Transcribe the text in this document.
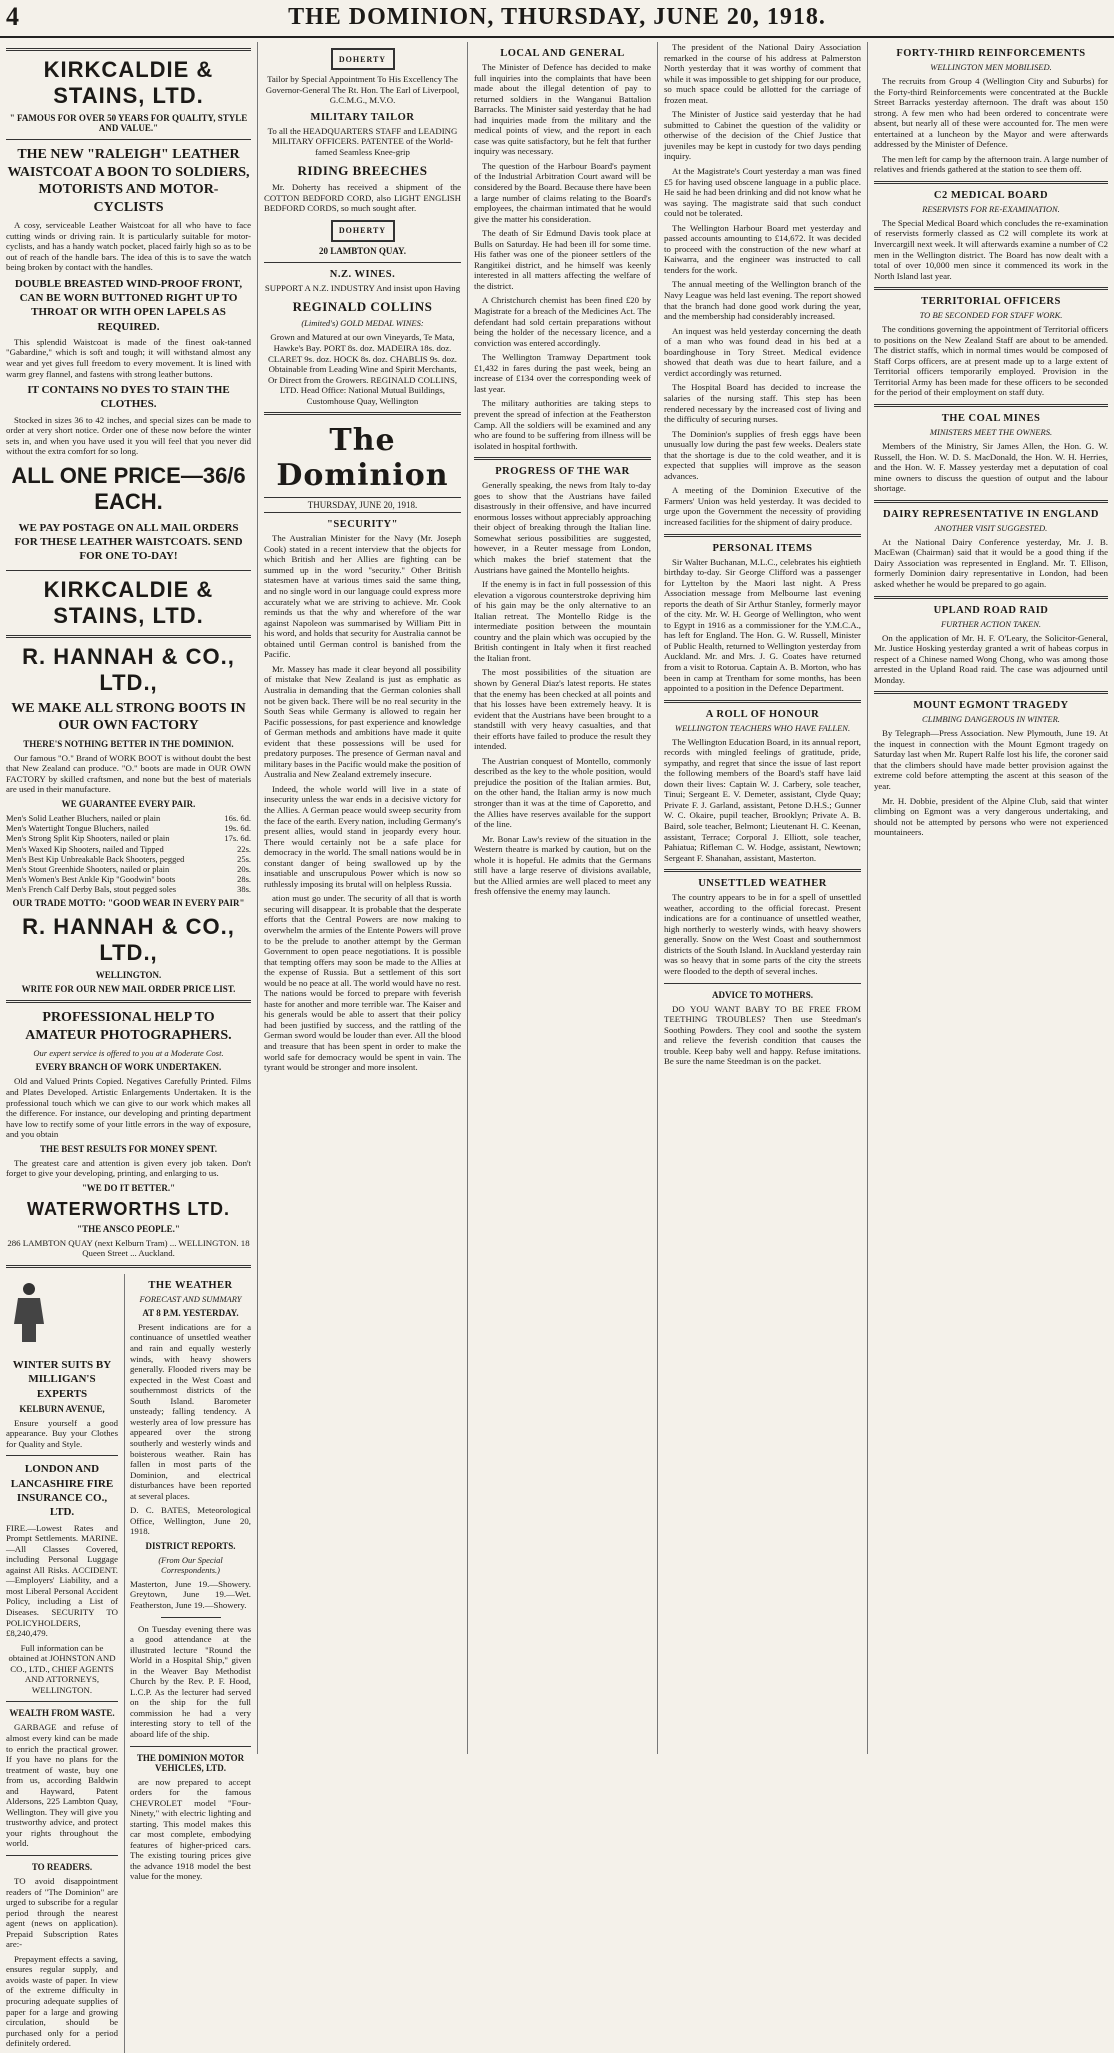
4	THE DOMINION, THURSDAY, JUNE 20, 1918.
KIRKCALDIE & STAINS, LTD.
" FAMOUS FOR OVER 50 YEARS FOR QUALITY, STYLE AND VALUE."
THE NEW "RALEIGH" LEATHER WAISTCOAT A BOON TO SOLDIERS, MOTORISTS AND MOTOR-CYCLISTS

A cosy, serviceable Leather Waistcoat for all who have to face cutting winds or driving rain. It is particularly suitable for motor-cyclists, and has a handy watch pocket, placed fairly high so as to be out of reach of the handle bars. The idea of this is to save the watch being broken by contact with the handles.

DOUBLE BREASTED WIND-PROOF FRONT, CAN BE WORN BUTTONED RIGHT UP TO THROAT OR WITH OPEN LAPELS AS REQUIRED.

This splendid Waistcoat is made of the finest oak-tanned "Gabardine," which is soft and tough; it will withstand almost any wear and yet gives full freedom to every movement. It is lined with warm grey flannel, and fastens with strong leather buttons.

IT CONTAINS NO DYES TO STAIN THE CLOTHES.

Stocked in sizes 36 to 42 inches, and special sizes can be made to order at very short notice. Order one of these now before the winter sets in, and when you have used it you will feel that you never did without the extra comfort for so long.

ALL ONE PRICE—36/6 EACH.
WE PAY POSTAGE ON ALL MAIL ORDERS FOR THESE LEATHER WAISTCOATS. SEND FOR ONE TO-DAY!
KIRKCALDIE & STAINS, LTD.
R. HANNAH & CO., LTD.,
WE MAKE ALL STRONG BOOTS IN OUR OWN FACTORY
THERE'S NOTHING BETTER IN THE DOMINION.

Our famous "O." Brand of WORK BOOT is without doubt the best that New Zealand can produce. "O." boots are made in OUR OWN FACTORY by skilled craftsmen, and none but the best of materials are used in their manufacture.

WE GUARANTEE EVERY PAIR.
Men's Solid Leather Bluchers, nailed or plain	16s. 6d.
Men's Watertight Tongue Bluchers, nailed	19s. 6d.
Men's Strong Split Kip Shooters, nailed or plain	17s. 6d.
Men's Waxed Kip Shooters, nailed and Tipped	22s.
Men's Best Kip Unbreakable Back Shooters, pegged	25s.
Men's Stout Greenhide Shooters, nailed or plain	20s.
Men's Women's Best Ankle Kip "Goodwin" boots	28s.
Men's French Calf Derby Bals, stout pegged soles	38s.
OUR TRADE MOTTO: "GOOD WEAR IN EVERY PAIR"
R. HANNAH & CO., LTD.,
WELLINGTON.
WRITE FOR OUR NEW MAIL ORDER PRICE LIST.
PROFESSIONAL HELP TO AMATEUR PHOTOGRAPHERS.
Our expert service is offered to you at a Moderate Cost.
EVERY BRANCH OF WORK UNDERTAKEN.

Old and Valued Prints Copied. Negatives Carefully Printed. Films and Plates Developed. Artistic Enlargements Undertaken. It is the professional touch which we can give to our work which makes all the difference. For instance, our developing and printing department have low to rectify some of your little errors in the way of exposure, and you obtain

THE BEST RESULTS FOR MONEY SPENT.

The greatest care and attention is given every job taken. Don't forget to give your developing, printing, and enlarging to us.

"WE DO IT BETTER."
WATERWORTHS LTD.
"THE ANSCO PEOPLE."

286 LAMBTON QUAY (next Kelburn Tram) ... WELLINGTON. 18 Queen Street ... Auckland.

WINTER SUITS BY MILLIGAN'S EXPERTS
KELBURN AVENUE,

Ensure yourself a good appearance. Buy your Clothes for Quality and Style.

LONDON AND LANCASHIRE FIRE INSURANCE CO., LTD.

FIRE.—Lowest Rates and Prompt Settlements. MARINE.—All Classes Covered, including Personal Luggage against All Risks. ACCIDENT.—Employers' Liability, and a most Liberal Personal Accident Policy, including a List of Diseases. SECURITY TO POLICYHOLDERS, £8,240,479.

Full information can be obtained at JOHNSTON AND CO., LTD., CHIEF AGENTS AND ATTORNEYS, WELLINGTON.

WEALTH FROM WASTE.

GARBAGE and refuse of almost every kind can be made to enrich the practical grower. If you have no plans for the treatment of waste, buy one from us, according Baldwin and Hayward, Patent Aldersons, 225 Lambton Quay, Wellington. They will give you trustworthy advice, and protect your rights throughout the world.

TO READERS.

TO avoid disappointment readers of "The Dominion" are urged to subscribe for a regular period through the nearest agent (news on application). Prepaid Subscription Rates are:-

Prepayment effects a saving, ensures regular supply, and avoids waste of paper. In view of the extreme difficulty in procuring adequate supplies of paper for a large and growing circulation, should be purchased only for a period definitely ordered.

THE WEATHER
FORECAST AND SUMMARY
AT 8 P.M. YESTERDAY.

Present indications are for a continuance of unsettled weather and rain and equally westerly winds, with heavy showers generally. Flooded rivers may be expected in the West Coast and southernmost districts of the South Island. Barometer unsteady; falling tendency. A westerly area of low pressure has appeared over the strong southerly and westerly winds and boisterous weather. Rain has fallen in most parts of the Dominion, and electrical disturbances have been reported at several places.

D. C. BATES, Meteorological Office, Wellington, June 20, 1918.

DISTRICT REPORTS.
(From Our Special Correspondents.)

Masterton, June 19.—Showery. Greytown, June 19.—Wet. Featherston, June 19.—Showery.

On Tuesday evening there was a good attendance at the illustrated lecture "Round the World in a Hospital Ship," given in the Weaver Bay Methodist Church by the Rev. P. F. Hood, L.C.P. As the lecturer had served on the ship for the full commission he had a very interesting story to tell of the aboard life of the ship.

THE DOMINION MOTOR VEHICLES, LTD.

are now prepared to accept orders for the famous CHEVROLET model "Four-Ninety," with electric lighting and starting. This model makes this car most complete, embodying features of higher-priced cars. The existing touring prices give the advance 1918 model the best value for the money.

DOHERTY

Tailor by Special Appointment To His Excellency The Governor-General The Rt. Hon. The Earl of Liverpool, G.C.M.G., M.V.O.

MILITARY TAILOR

To all the HEADQUARTERS STAFF and LEADING MILITARY OFFICERS. PATENTEE of the World-famed Seamless Knee-grip

RIDING BREECHES

Mr. Doherty has received a shipment of the COTTON BEDFORD CORD, also LIGHT ENGLISH BEDFORD CORDS, so much sought after.

DOHERTY
20 LAMBTON QUAY.
N.Z. WINES.

SUPPORT A N.Z. INDUSTRY And insist upon Having

REGINALD COLLINS
(Limited's) GOLD MEDAL WINES:

Grown and Matured at our own Vineyards, Te Mata, Hawke's Bay. PORT 8s. doz. MADEIRA 18s. doz. CLARET 9s. doz. HOCK 8s. doz. CHABLIS 9s. doz. Obtainable from Leading Wine and Spirit Merchants, Or Direct from the Growers. REGINALD COLLINS, LTD. Head Office: National Mutual Buildings, Customhouse Quay, Wellington

The Dominion
THURSDAY, JUNE 20, 1918.
"SECURITY"

The Australian Minister for the Navy (Mr. Joseph Cook) stated in a recent interview that the objects for which British and her Allies are fighting can be summed up in the word "security." Other British statesmen have at various times said the same thing, and no single word in our language could express more accurately what we are striving to achieve. Mr. Cook reminds us that the why and wherefore of the war against Napoleon was summarised by William Pitt in his word, and holds that security for Australia cannot be obtained until German control is banished from the Pacific.

Mr. Massey has made it clear beyond all possibility of mistake that New Zealand is just as emphatic as Australia in demanding that the German colonies shall not be given back. There will be no real security in the South Seas while Germany is allowed to regain her Pacific possessions, for past experience and knowledge of German methods and ambitions have made it quite evident that these possessions will be used for predatory purposes. The presence of German naval and military bases in the Pacific would make the position of Australia and New Zealand extremely insecure.

Indeed, the whole world will live in a state of insecurity unless the war ends in a decisive victory for the Allies. A German peace would sweep security from the face of the earth. Every nation, including Germany's present allies, would stand in jeopardy every hour. There would certainly not be a safe place for democracy in the world. The small nations would be in constant danger of being swallowed up by the insatiable and unscrupulous Power which is now so ruthlessly imposing its brutal will on helpless Russia.

ation must go under. The security of all that is worth securing will disappear. It is probable that the desperate efforts that the Central Powers are now making to overwhelm the armies of the Entente Powers will prove to be the prelude to another attempt by the German Government to open peace negotiations. It is possible that tempting offers may soon be made to the Allies at the expense of Russia. But a settlement of this sort would be no peace at all. The world would have no rest. The nations would be forced to prepare with feverish haste for another and more terrible war. The Kaiser and his generals would be able to assert that their policy had been justified by success, and the rattling of the German sword would be louder than ever. All the blood and treasure that has been spent in order to make the world safe for democracy would be spent in vain. The tyrant would be stronger and more insolent.

LOCAL AND GENERAL

The Minister of Defence has decided to make full inquiries into the complaints that have been made about the illegal detention of pay to returned soldiers in the Wanganui Battalion Barracks. The Minister said yesterday that he had had inquiries made from the military and the medical points of view, and the report in each case was quite satisfactory, but he felt that further inquiry was necessary.

The question of the Harbour Board's payment of the Industrial Arbitration Court award will be considered by the Board. Because there have been a large number of claims relating to the Board's employees, the chairman intimated that he would give the matter his consideration.

The death of Sir Edmund Davis took place at Bulls on Saturday. He had been ill for some time. His father was one of the pioneer settlers of the Rangitikei district, and he himself was keenly interested in all matters affecting the welfare of the district.

A Christchurch chemist has been fined £20 by Magistrate for a breach of the Medicines Act. The defendant had sold certain preparations without being the holder of the necessary licence, and a conviction was entered accordingly.

The Wellington Tramway Department took £1,432 in fares during the past week, being an increase of £134 over the corresponding week of last year.

The military authorities are taking steps to prevent the spread of infection at the Featherston Camp. All the soldiers will be examined and any who are found to be suffering from illness will be isolated in hospital forthwith.

PROGRESS OF THE WAR

Generally speaking, the news from Italy to-day goes to show that the Austrians have failed disastrously in their offensive, and have incurred enormous losses without appreciably approaching their object of breaking through the Italian line. Somewhat serious possibilities are suggested, however, in a Reuter message from London, which makes the brief statement that the Austrians have gained the Montello heights.

If the enemy is in fact in full possession of this elevation a vigorous counterstroke depriving him of his gain may be the only alternative to an Italian retreat. The Montello Ridge is the intermediate position between the mountain country and the plain which was occupied by the British contingent in Italy when it first reached the Italian front.

The most possibilities of the situation are shown by General Diaz's latest reports. He states that the enemy has been checked at all points and that his losses have been extremely heavy. It is evident that the Austrians have been brought to a standstill with very heavy casualties, and that their efforts have failed to produce the result they intended.

The Austrian conquest of Montello, commonly described as the key to the whole position, would prejudice the position of the Italian armies. But, on the other hand, the Italian army is now much stronger than it was at the time of Caporetto, and the Allies have reserves available for the support of the line.

Mr. Bonar Law's review of the situation in the Western theatre is marked by caution, but on the whole it is hopeful. He admits that the Germans still have a large reserve of divisions available, but the Allied armies are well placed to meet any fresh offensive the enemy may launch.

The president of the National Dairy Association remarked in the course of his address at Palmerston North yesterday that it was worthy of comment that while it was impossible to get shipping for our produce, so much space could be allotted for the carriage of frozen meat.

The Minister of Justice said yesterday that he had submitted to Cabinet the question of the validity or otherwise of the decision of the Chief Justice that juveniles may be kept in custody for two days pending inquiry.

At the Magistrate's Court yesterday a man was fined £5 for having used obscene language in a public place. He said he had been drinking and did not know what he was saying. The magistrate said that such conduct could not be tolerated.

The Wellington Harbour Board met yesterday and passed accounts amounting to £14,672. It was decided to proceed with the construction of the new wharf at Kaiwarra, and the engineer was instructed to call tenders for the work.

The annual meeting of the Wellington branch of the Navy League was held last evening. The report showed that the branch had done good work during the year, and the membership had considerably increased.

An inquest was held yesterday concerning the death of a man who was found dead in his bed at a boardinghouse in Tory Street. Medical evidence showed that death was due to heart failure, and a verdict accordingly was returned.

The Hospital Board has decided to increase the salaries of the nursing staff. This step has been rendered necessary by the increased cost of living and the difficulty of securing nurses.

The Dominion's supplies of fresh eggs have been unusually low during the past few weeks. Dealers state that the shortage is due to the cold weather, and it is expected that supplies will improve as the season advances.

A meeting of the Dominion Executive of the Farmers' Union was held yesterday. It was decided to urge upon the Government the necessity of providing increased facilities for the shipment of dairy produce.

PERSONAL ITEMS

Sir Walter Buchanan, M.L.C., celebrates his eightieth birthday to-day. Sir George Clifford was a passenger for Lyttelton by the Maori last night. A Press Association message from Melbourne last evening reports the death of Sir Arthur Stanley, formerly mayor of the city. Mr. W. H. George of Wellington, who went to Egypt in 1916 as a commissioner for the Y.M.C.A., has left for England. The Hon. G. W. Russell, Minister of Public Health, returned to Wellington yesterday from Auckland. Mr. and Mrs. J. G. Coates have returned from a visit to Rotorua. Captain A. B. Morton, who has been in camp at Trentham for some months, has been appointed to a position in the Defence Department.

A ROLL OF HONOUR
WELLINGTON TEACHERS WHO HAVE FALLEN.

The Wellington Education Board, in its annual report, records with mingled feelings of gratitude, pride, sympathy, and regret that since the issue of last report the following members of the Board's staff have laid down their lives: Captain W. J. Carbery, sole teacher, Tinui; Sergeant E. V. Demeter, assistant, Clyde Quay; Private F. J. Garland, assistant, Petone D.H.S.; Gunner W. C. Okaire, pupil teacher, Brooklyn; Private A. B. Baird, sole teacher, Belmont; Lieutenant H. C. Keenan, assistant, Terrace; Corporal J. Elliott, sole teacher, Pahiatua; Rifleman C. W. Hodge, assistant, Newtown; Sergeant F. Shanahan, assistant, Masterton.

UNSETTLED WEATHER

The country appears to be in for a spell of unsettled weather, according to the official forecast. Present indications are for a continuance of unsettled weather, high northerly to westerly winds, with heavy showers generally. Snow on the West Coast and southernmost districts of the South Island. In Auckland yesterday rain was so heavy that in some parts of the city the streets were flooded to the depth of several inches.

ADVICE TO MOTHERS.

DO YOU WANT BABY TO BE FREE FROM TEETHING TROUBLES? Then use Steedman's Soothing Powders. They cool and soothe the system and relieve the feverish condition that causes the trouble. Keep baby well and happy. Refuse imitations. Be sure the name Steedman is on the packet.

FORTY-THIRD REINFORCEMENTS
WELLINGTON MEN MOBILISED.

The recruits from Group 4 (Wellington City and Suburbs) for the Forty-third Reinforcements were concentrated at the Buckle Street Barracks yesterday afternoon. The draft was about 150 strong. A few men who had been ordered to concentrate were absent, but nearly all of these were accounted for. The men were entertained at a luncheon by the Mayor and were afterwards addressed by the Minister of Defence.

The men left for camp by the afternoon train. A large number of relatives and friends gathered at the station to see them off.

C2 MEDICAL BOARD
RESERVISTS FOR RE-EXAMINATION.

The Special Medical Board which concludes the re-examination of reservists formerly classed as C2 will complete its work at Invercargill next week. It will afterwards examine a number of C2 men in the Wellington district. The Board has now dealt with a total of over 10,000 men since it commenced its work in the North Island last year.

TERRITORIAL OFFICERS
TO BE SECONDED FOR STAFF WORK.

The conditions governing the appointment of Territorial officers to positions on the New Zealand Staff are about to be amended. The district staffs, which in normal times would be composed of Staff Corps officers, are at present made up to a large extent of Territorial officers temporarily employed. Provision in the Territorial Army has been made for these officers to be seconded for the period of their employment on staff duty.

THE COAL MINES
MINISTERS MEET THE OWNERS.

Members of the Ministry, Sir James Allen, the Hon. G. W. Russell, the Hon. W. D. S. MacDonald, the Hon. W. H. Herries, and the Hon. W. F. Massey yesterday met a deputation of coal mine owners to discuss the question of output and the labour shortage.

DAIRY REPRESENTATIVE IN ENGLAND
ANOTHER VISIT SUGGESTED.

At the National Dairy Conference yesterday, Mr. J. B. MacEwan (Chairman) said that it would be a good thing if the Dairy Association was represented in England. Mr. T. Ellison, formerly Dominion dairy representative in London, had been asked whether he would be prepared to go again.

UPLAND ROAD RAID
FURTHER ACTION TAKEN.

On the application of Mr. H. F. O'Leary, the Solicitor-General, Mr. Justice Hosking yesterday granted a writ of habeas corpus in respect of a Chinese named Wong Chong, who was among those arrested in the Upland Road raid. The case was adjourned until Monday.

MOUNT EGMONT TRAGEDY
CLIMBING DANGEROUS IN WINTER.

By Telegraph—Press Association. New Plymouth, June 19. At the inquest in connection with the Mount Egmont tragedy on Saturday last when Mr. Rupert Ralfe lost his life, the coroner said that the climbers should have made better provision against the extreme cold before attempting the ascent at this season of the year.

Mr. H. Dobbie, president of the Alpine Club, said that winter climbing on Egmont was a very dangerous undertaking, and should not be attempted by persons who were not experienced mountaineers.
